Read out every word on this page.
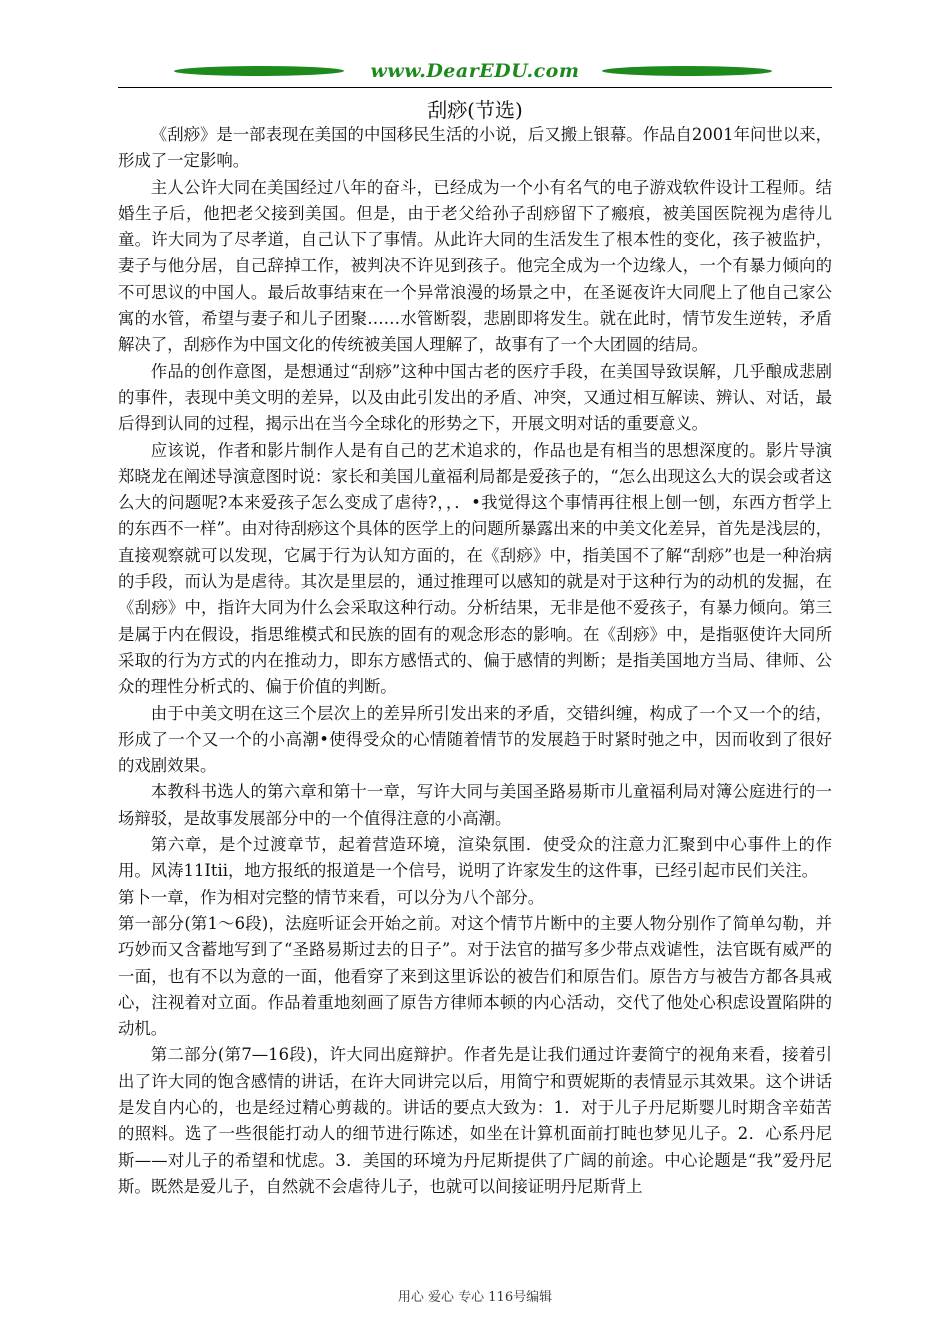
www.DearEDU.com
刮痧(节选)

《刮痧》是一部表现在美国的中国移民生活的小说，后又搬上银幕。作品自2001年问世以来，形成了一定影响。

主人公许大同在美国经过八年的奋斗，已经成为一个小有名气的电子游戏软件设计工程师。结婚生子后，他把老父接到美国。但是，由于老父给孙子刮痧留下了瘢痕，被美国医院视为虐待儿童。许大同为了尽孝道，自己认下了事情。从此许大同的生活发生了根本性的变化，孩子被监护，妻子与他分居，自己辞掉工作，被判决不许见到孩子。他完全成为一个边缘人，一个有暴力倾向的不可思议的中国人。最后故事结束在一个异常浪漫的场景之中，在圣诞夜许大同爬上了他自己家公寓的水管，希望与妻子和儿子团聚……水管断裂，悲剧即将发生。就在此时，情节发生逆转，矛盾解决了，刮痧作为中国文化的传统被美国人理解了，故事有了一个大团圆的结局。

作品的创作意图，是想通过“刮痧”这种中国古老的医疗手段，在美国导致误解，几乎酿成悲剧的事件，表现中美文明的差异，以及由此引发出的矛盾、冲突，又通过相互解读、辨认、对话，最后得到认同的过程，揭示出在当今全球化的形势之下，开展文明对话的重要意义。

应该说，作者和影片制作人是有自己的艺术追求的，作品也是有相当的思想深度的。影片导演郑晓龙在阐述导演意图时说：家长和美国儿童福利局都是爱孩子的，“怎么出现这么大的误会或者这么大的问题呢?本来爱孩子怎么变成了虐待?，，．•我觉得这个事情再往根上刨一刨，东西方哲学上的东西不一样”。由对待刮痧这个具体的医学上的问题所暴露出来的中美文化差异，首先是浅层的，直接观察就可以发现，它属于行为认知方面的，在《刮痧》中，指美国不了解“刮痧”也是一种治病的手段，而认为是虐待。其次是里层的，通过推理可以感知的就是对于这种行为的动机的发掘，在《刮痧》中，指许大同为什么会采取这种行动。分析结果，无非是他不爱孩子，有暴力倾向。第三是属于内在假设，指思维模式和民族的固有的观念形态的影响。在《刮痧》中，是指驱使许大同所采取的行为方式的内在推动力，即东方感悟式的、偏于感情的判断；是指美国地方当局、律师、公众的理性分析式的、偏于价值的判断。

由于中美文明在这三个层次上的差异所引发出来的矛盾，交错纠缠，构成了一个又一个的结，形成了一个又一个的小高潮•使得受众的心情随着情节的发展趋于时紧时弛之中，因而收到了很好的戏剧效果。

本教科书选人的第六章和第十一章，写许大同与美国圣路易斯市儿童福利局对簿公庭进行的一场辩驳，是故事发展部分中的一个值得注意的小高潮。

第六章，是个过渡章节，起着营造环境，渲染氛围．使受众的注意力汇聚到中心事件上的作用。风涛11Itii，地方报纸的报道是一个信号，说明了许家发生的这件事，已经引起市民们关注。

第卜一章，作为相对完整的情节来看，可以分为八个部分。

第一部分(第1～6段)，法庭听证会开始之前。对这个情节片断中的主要人物分别作了简单勾勒，并巧妙而又含蓄地写到了“圣路易斯过去的日子”。对于法官的描写多少带点戏谑性，法官既有威严的一面，也有不以为意的一面，他看穿了来到这里诉讼的被告们和原告们。原告方与被告方都各具戒心，注视着对立面。作品着重地刻画了原告方律师本顿的内心活动，交代了他处心积虑设置陷阱的动机。

第二部分(第7—16段)，许大同出庭辩护。作者先是让我们通过许妻简宁的视角来看，接着引出了许大同的饱含感情的讲话，在许大同讲完以后，用简宁和贾妮斯的表情显示其效果。这个讲话是发自内心的，也是经过精心剪裁的。讲话的要点大致为：1．对于儿子丹尼斯婴儿时期含辛茹苦的照料。选了一些很能打动人的细节进行陈述，如坐在计算机面前打盹也梦见儿子。2．心系丹尼斯——对儿子的希望和忧虑。3．美国的环境为丹尼斯提供了广阔的前途。中心论题是“我”爱丹尼斯。既然是爱儿子，自然就不会虐待儿子，也就可以间接证明丹尼斯背上

用心 爱心 专心 116号编辑
